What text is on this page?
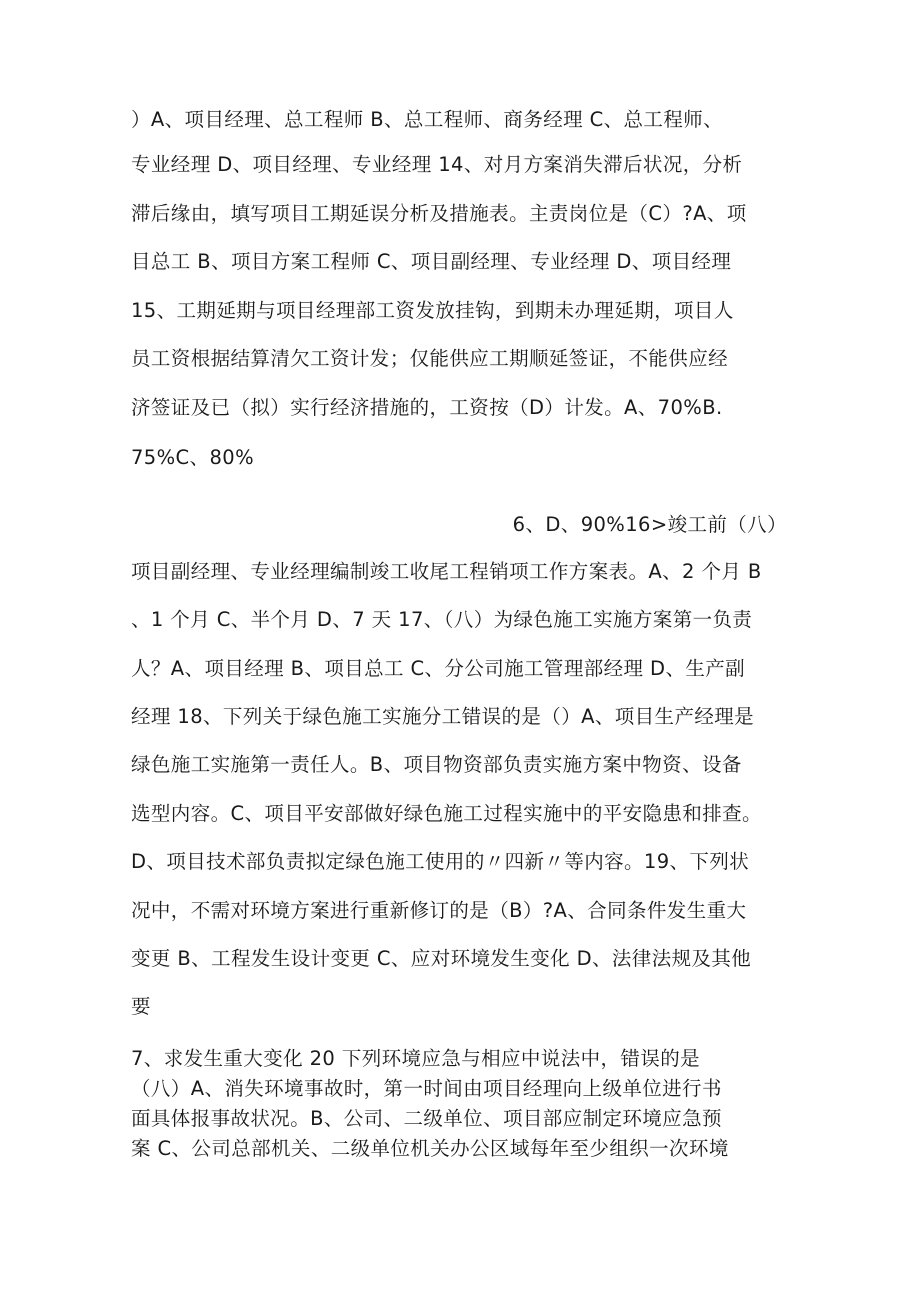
）A、项目经理、总工程师 B、总工程师、商务经理 C、总工程师、
专业经理 D、项目经理、专业经理 14、对月方案消失滞后状况，分析
滞后缘由，填写项目工期延误分析及措施表。主责岗位是（C）?A、项
目总工 B、项目方案工程师 C、项目副经理、专业经理 D、项目经理
15、工期延期与项目经理部工资发放挂钩，到期未办理延期，项目人
员工资根据结算清欠工资计发；仅能供应工期顺延签证，不能供应经
济签证及已（拟）实行经济措施的，工资按（D）计发。A、70%B.
75%C、80%
6、D、90%16>竣工前（八）
项目副经理、专业经理编制竣工收尾工程销项工作方案表。A、2 个月 B
、1 个月 C、半个月 D、7 天 17、（八）为绿色施工实施方案第一负责
人？A、项目经理 B、项目总工 C、分公司施工管理部经理 D、生产副
经理 18、下列关于绿色施工实施分工错误的是（）A、项目生产经理是
绿色施工实施第一责任人。B、项目物资部负责实施方案中物资、设备
选型内容。C、项目平安部做好绿色施工过程实施中的平安隐患和排查。
D、项目技术部负责拟定绿色施工使用的〃四新〃等内容。19、下列状
况中，不需对环境方案进行重新修订的是（B）?A、合同条件发生重大
变更 B、工程发生设计变更 C、应对环境发生变化 D、法律法规及其他
要
7、求发生重大变化 20 下列环境应急与相应中说法中，错误的是
（八）A、消失环境事故时，第一时间由项目经理向上级单位进行书
面具体报事故状况。B、公司、二级单位、项目部应制定环境应急预
案 C、公司总部机关、二级单位机关办公区域每年至少组织一次环境
